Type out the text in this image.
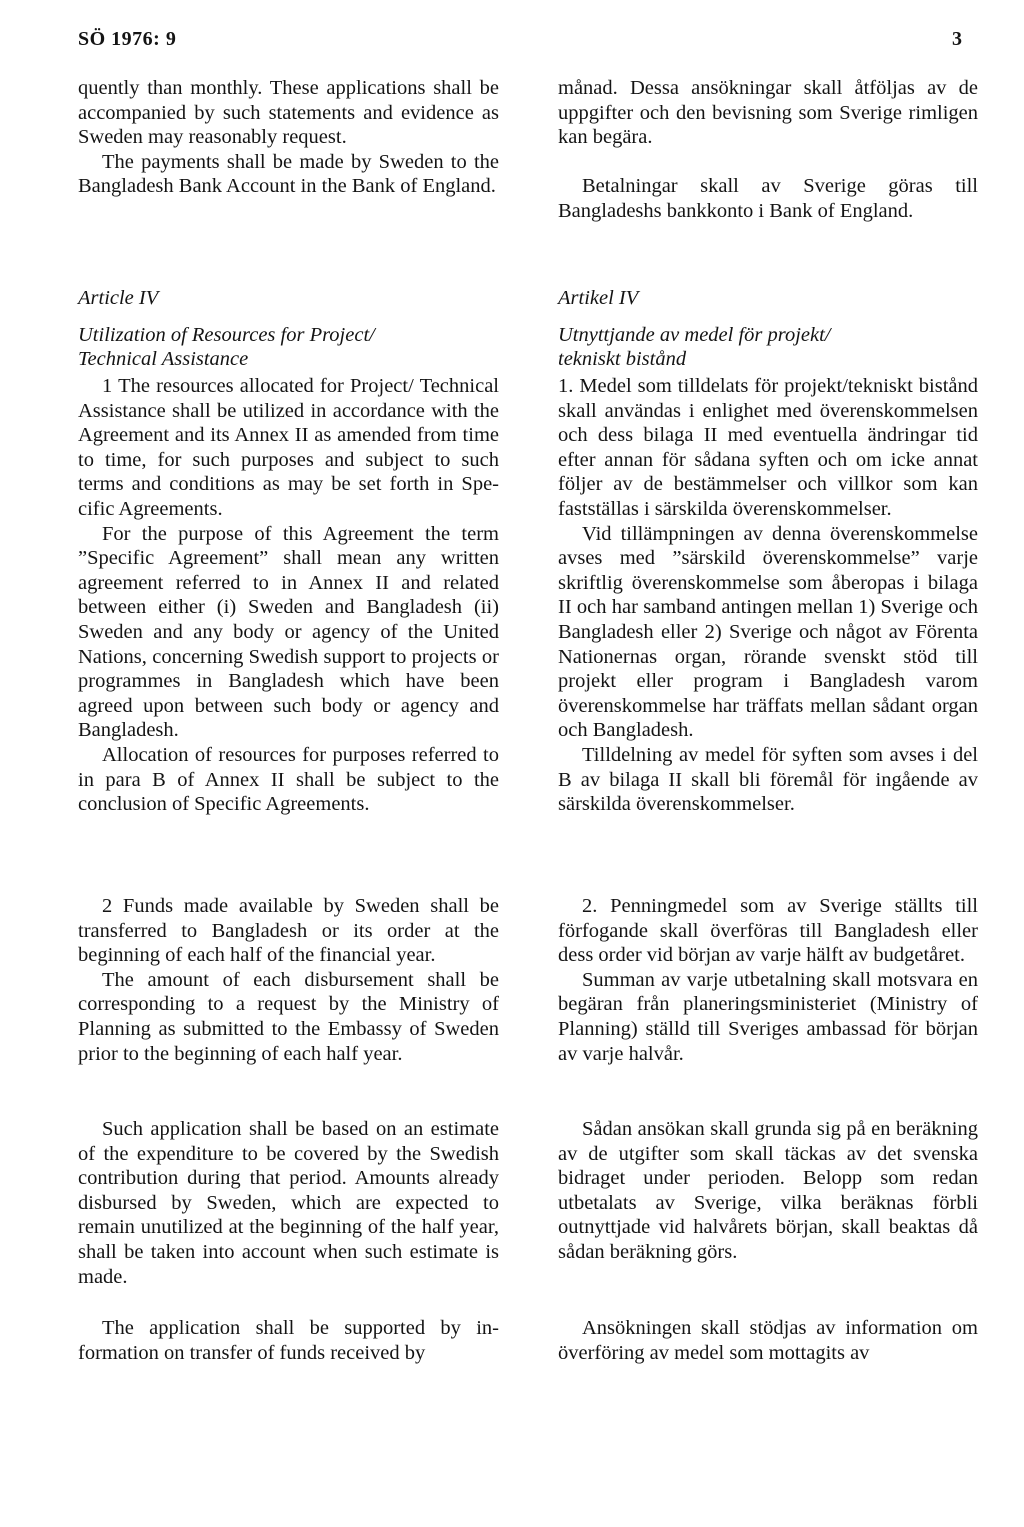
SÖ 1976: 9	3

quently than monthly. These applications shall be accompanied by such statements and evidence as Sweden may reasonably request.

The payments shall be made by Sweden to the Bangladesh Bank Account in the Bank of England.

Article IV
Utilization of Resources for Project/
Technical Assistance

1 The resources allocated for Project/ Technical Assistance shall be utilized in accordance with the Agreement and its Annex II as amended from time to time, for such purposes and subject to such terms and conditions as may be set forth in Specific Agreements.

For the purpose of this Agreement the term ”Specific Agreement” shall mean any written agreement referred to in Annex II and related between either (i) Sweden and Bangladesh (ii) Sweden and any body or agency of the United Nations, concerning Swedish support to projects or programmes in Bangladesh which have been agreed upon between such body or agency and Bangladesh.

Allocation of resources for purposes referred to in para B of Annex II shall be subject to the conclusion of Specific Agreements.

2 Funds made available by Sweden shall be transferred to Bangladesh or its order at the beginning of each half of the financial year.

The amount of each disbursement shall be corresponding to a request by the Ministry of Planning as submitted to the Embassy of Sweden prior to the beginning of each half year.

Such application shall be based on an estimate of the expenditure to be covered by the Swedish contribution during that period. Amounts already disbursed by Sweden, which are expected to remain unutilized at the beginning of the half year, shall be taken into account when such estimate is made.

The application shall be supported by information on transfer of funds received by

månad. Dessa ansökningar skall åtföljas av de uppgifter och den bevisning som Sverige rimligen kan begära.

Betalningar skall av Sverige göras till Bangladeshs bankkonto i Bank of England.

Artikel IV
Utnyttjande av medel för projekt/
tekniskt bistånd

1. Medel som tilldelats för projekt/tekniskt bistånd skall användas i enlighet med överenskommelsen och dess bilaga II med eventuella ändringar tid efter annan för sådana syften och om icke annat följer av de bestämmelser och villkor som kan fastställas i särskilda överenskommelser.

Vid tillämpningen av denna överenskommelse avses med ”särskild överenskommelse” varje skriftlig överenskommelse som åberopas i bilaga II och har samband antingen mellan 1) Sverige och Bangladesh eller 2) Sverige och något av Förenta Nationernas organ, rörande svenskt stöd till projekt eller program i Bangladesh varom överenskommelse har träffats mellan sådant organ och Bangladesh.

Tilldelning av medel för syften som avses i del B av bilaga II skall bli föremål för ingående av särskilda överenskommelser.

2. Penningmedel som av Sverige ställts till förfogande skall överföras till Bangladesh eller dess order vid början av varje hälft av budgetåret.

Summan av varje utbetalning skall motsvara en begäran från planeringsministeriet (Ministry of Planning) ställd till Sveriges ambassad för början av varje halvår.

Sådan ansökan skall grunda sig på en beräkning av de utgifter som skall täckas av det svenska bidraget under perioden. Belopp som redan utbetalats av Sverige, vilka beräknas förbli outnyttjade vid halvårets början, skall beaktas då sådan beräkning görs.

Ansökningen skall stödjas av information om överföring av medel som mottagits av
